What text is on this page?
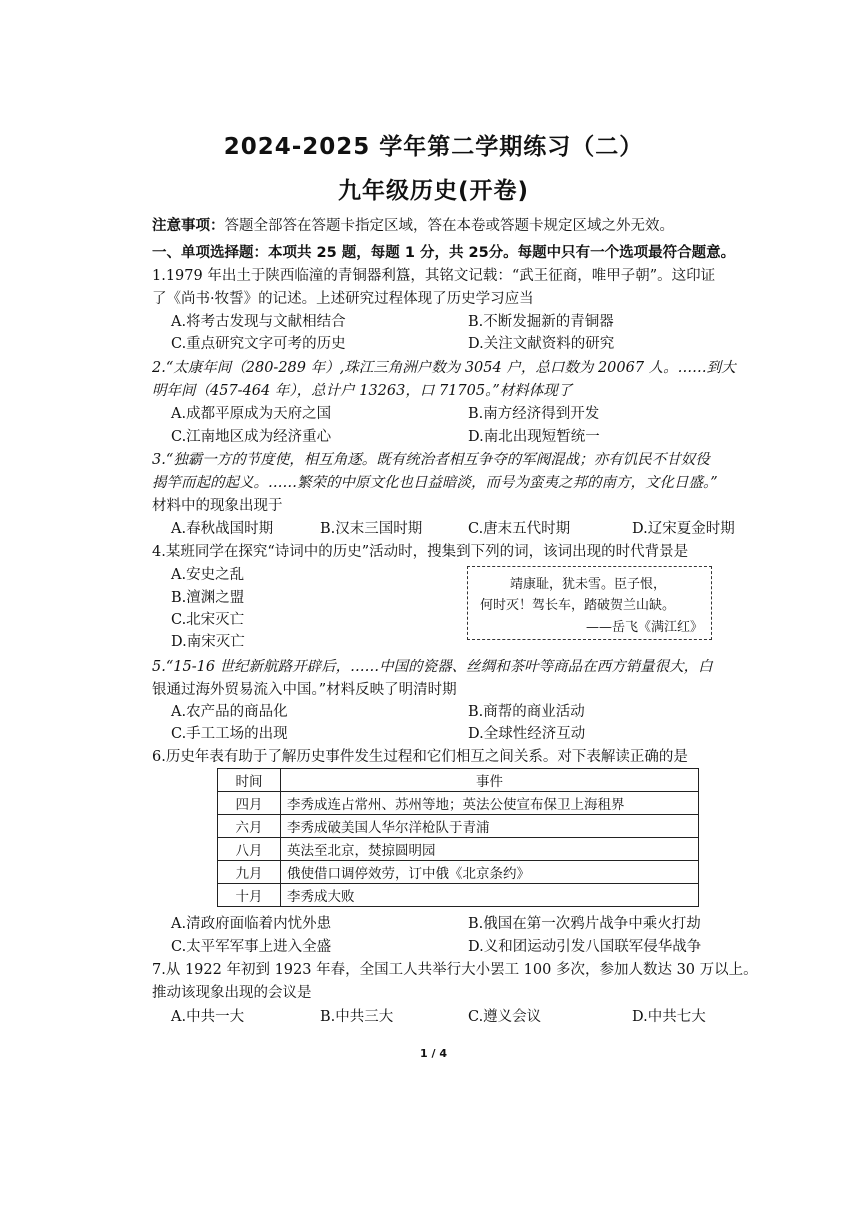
2024-2025 学年第二学期练习（二）
九年级历史(开卷)
注意事项：答题全部答在答题卡指定区域，答在本卷或答题卡规定区域之外无效。
一、单项选择题：本项共 25 题，每题 1 分，共 25分。每题中只有一个选项最符合题意。
1.1979 年出土于陕西临潼的青铜器利簋，其铭文记载：“武王征商，唯甲子朝”。这印证
了《尚书·牧誓》的记述。上述研究过程体现了历史学习应当
A.将考古发现与文献相结合	B.不断发掘新的青铜器
C.重点研究文字可考的历史	D.关注文献资料的研究
2.“太康年间（280-289 年）,珠江三角洲户数为 3054 户，总口数为 20067 人。……到大
明年间（457-464 年），总计户 13263，口 71705。”材料体现了
A.成都平原成为天府之国	B.南方经济得到开发
C.江南地区成为经济重心	D.南北出现短暂统一
3.“独霸一方的节度使，相互角逐。既有统治者相互争夺的军阀混战；亦有饥民不甘奴役
揭竿而起的起义。……繁荣的中原文化也日益暗淡，而号为蛮夷之邦的南方，文化日盛。”
材料中的现象出现于
A.春秋战国时期	B.汉末三国时期	C.唐末五代时期	D.辽宋夏金时期
4.某班同学在探究“诗词中的历史”活动时，搜集到下列的词，该词出现的时代背景是
A.安史之乱
B.澶渊之盟
C.北宋灭亡
D.南宋灭亡
靖康耻，犹未雪。臣子恨，
何时灭！驾长车，踏破贺兰山缺。
——岳飞《满江红》
5.“15-16 世纪新航路开辟后，……中国的瓷器、丝绸和茶叶等商品在西方销量很大，白
银通过海外贸易流入中国。”材料反映了明清时期
A.农产品的商品化	B.商帮的商业活动
C.手工工场的出现	D.全球性经济互动
6.历史年表有助于了解历史事件发生过程和它们相互之间关系。对下表解读正确的是
时间	事件
四月	李秀成连占常州、苏州等地；英法公使宣布保卫上海租界
六月	李秀成破美国人华尔洋枪队于青浦
八月	英法至北京，焚掠圆明园
九月	俄使借口调停效劳，订中俄《北京条约》
十月	李秀成大败
A.清政府面临着内忧外患	B.俄国在第一次鸦片战争中乘火打劫
C.太平军军事上进入全盛	D.义和团运动引发八国联军侵华战争
7.从 1922 年初到 1923 年春，全国工人共举行大小罢工 100 多次，参加人数达 30 万以上。
推动该现象出现的会议是
A.中共一大	B.中共三大	C.遵义会议	D.中共七大
1 / 4
